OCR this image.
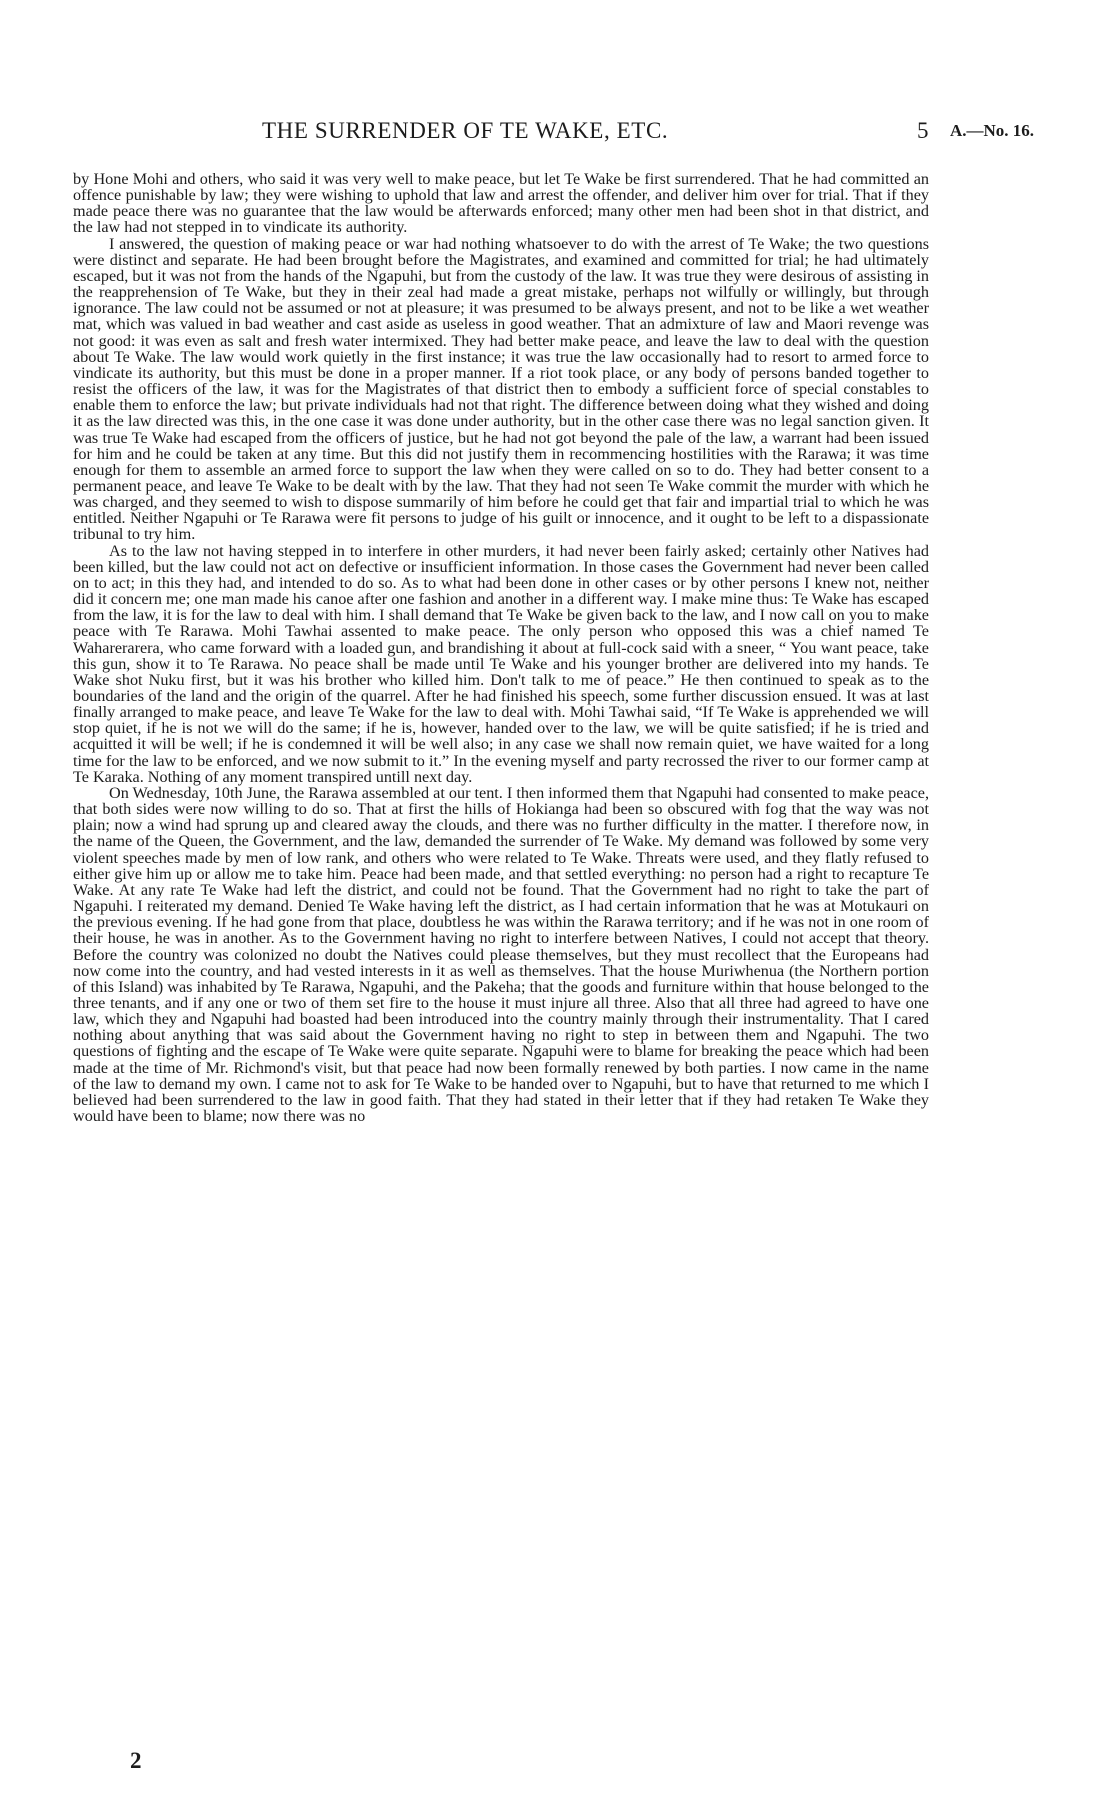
THE SURRENDER OF TE WAKE, ETC.	5 A.—No. 16.

by Hone Mohi and others, who said it was very well to make peace, but let Te Wake be first surrendered. That he had committed an offence punishable by law; they were wishing to uphold that law and arrest the offender, and deliver him over for trial. That if they made peace there was no guarantee that the law would be afterwards enforced; many other men had been shot in that district, and the law had not stepped in to vindicate its authority.

I answered, the question of making peace or war had nothing whatsoever to do with the arrest of Te Wake; the two questions were distinct and separate. He had been brought before the Magistrates, and examined and committed for trial; he had ultimately escaped, but it was not from the hands of the Ngapuhi, but from the custody of the law. It was true they were desirous of assisting in the reapprehension of Te Wake, but they in their zeal had made a great mistake, perhaps not wilfully or willingly, but through ignorance. The law could not be assumed or not at pleasure; it was presumed to be always present, and not to be like a wet weather mat, which was valued in bad weather and cast aside as useless in good weather. That an admixture of law and Maori revenge was not good: it was even as salt and fresh water intermixed. They had better make peace, and leave the law to deal with the question about Te Wake. The law would work quietly in the first instance; it was true the law occasionally had to resort to armed force to vindicate its authority, but this must be done in a proper manner. If a riot took place, or any body of persons banded together to resist the officers of the law, it was for the Magistrates of that district then to embody a sufficient force of special constables to enable them to enforce the law; but private individuals had not that right. The difference between doing what they wished and doing it as the law directed was this, in the one case it was done under authority, but in the other case there was no legal sanction given. It was true Te Wake had escaped from the officers of justice, but he had not got beyond the pale of the law, a warrant had been issued for him and he could be taken at any time. But this did not justify them in recommencing hostilities with the Rarawa; it was time enough for them to assemble an armed force to support the law when they were called on so to do. They had better consent to a permanent peace, and leave Te Wake to be dealt with by the law. That they had not seen Te Wake commit the murder with which he was charged, and they seemed to wish to dispose summarily of him before he could get that fair and impartial trial to which he was entitled. Neither Ngapuhi or Te Rarawa were fit persons to judge of his guilt or innocence, and it ought to be left to a dispassionate tribunal to try him.

As to the law not having stepped in to interfere in other murders, it had never been fairly asked; certainly other Natives had been killed, but the law could not act on defective or insufficient information. In those cases the Government had never been called on to act; in this they had, and intended to do so. As to what had been done in other cases or by other persons I knew not, neither did it concern me; one man made his canoe after one fashion and another in a different way. I make mine thus: Te Wake has escaped from the law, it is for the law to deal with him. I shall demand that Te Wake be given back to the law, and I now call on you to make peace with Te Rarawa. Mohi Tawhai assented to make peace. The only person who opposed this was a chief named Te Waharerarera, who came forward with a loaded gun, and brandishing it about at full-cock said with a sneer, “ You want peace, take this gun, show it to Te Rarawa. No peace shall be made until Te Wake and his younger brother are delivered into my hands. Te Wake shot Nuku first, but it was his brother who killed him. Don't talk to me of peace.” He then continued to speak as to the boundaries of the land and the origin of the quarrel. After he had finished his speech, some further discussion ensued. It was at last finally arranged to make peace, and leave Te Wake for the law to deal with. Mohi Tawhai said, “If Te Wake is apprehended we will stop quiet, if he is not we will do the same; if he is, however, handed over to the law, we will be quite satisfied; if he is tried and acquitted it will be well; if he is condemned it will be well also; in any case we shall now remain quiet, we have waited for a long time for the law to be enforced, and we now submit to it.” In the evening myself and party recrossed the river to our former camp at Te Karaka. Nothing of any moment transpired untill next day.

On Wednesday, 10th June, the Rarawa assembled at our tent. I then informed them that Ngapuhi had consented to make peace, that both sides were now willing to do so. That at first the hills of Hokianga had been so obscured with fog that the way was not plain; now a wind had sprung up and cleared away the clouds, and there was no further difficulty in the matter. I therefore now, in the name of the Queen, the Government, and the law, demanded the surrender of Te Wake. My demand was followed by some very violent speeches made by men of low rank, and others who were related to Te Wake. Threats were used, and they flatly refused to either give him up or allow me to take him. Peace had been made, and that settled everything: no person had a right to recapture Te Wake. At any rate Te Wake had left the district, and could not be found. That the Government had no right to take the part of Ngapuhi. I reiterated my demand. Denied Te Wake having left the district, as I had certain information that he was at Motukauri on the previous evening. If he had gone from that place, doubtless he was within the Rarawa territory; and if he was not in one room of their house, he was in another. As to the Government having no right to interfere between Natives, I could not accept that theory. Before the country was colonized no doubt the Natives could please themselves, but they must recollect that the Europeans had now come into the country, and had vested interests in it as well as themselves. That the house Muriwhenua (the Northern portion of this Island) was inhabited by Te Rarawa, Ngapuhi, and the Pakeha; that the goods and furniture within that house belonged to the three tenants, and if any one or two of them set fire to the house it must injure all three. Also that all three had agreed to have one law, which they and Ngapuhi had boasted had been introduced into the country mainly through their instrumentality. That I cared nothing about anything that was said about the Government having no right to step in between them and Ngapuhi. The two questions of fighting and the escape of Te Wake were quite separate. Ngapuhi were to blame for breaking the peace which had been made at the time of Mr. Richmond's visit, but that peace had now been formally renewed by both parties. I now came in the name of the law to demand my own. I came not to ask for Te Wake to be handed over to Ngapuhi, but to have that returned to me which I believed had been surrendered to the law in good faith. That they had stated in their letter that if they had retaken Te Wake they would have been to blame; now there was no

2
